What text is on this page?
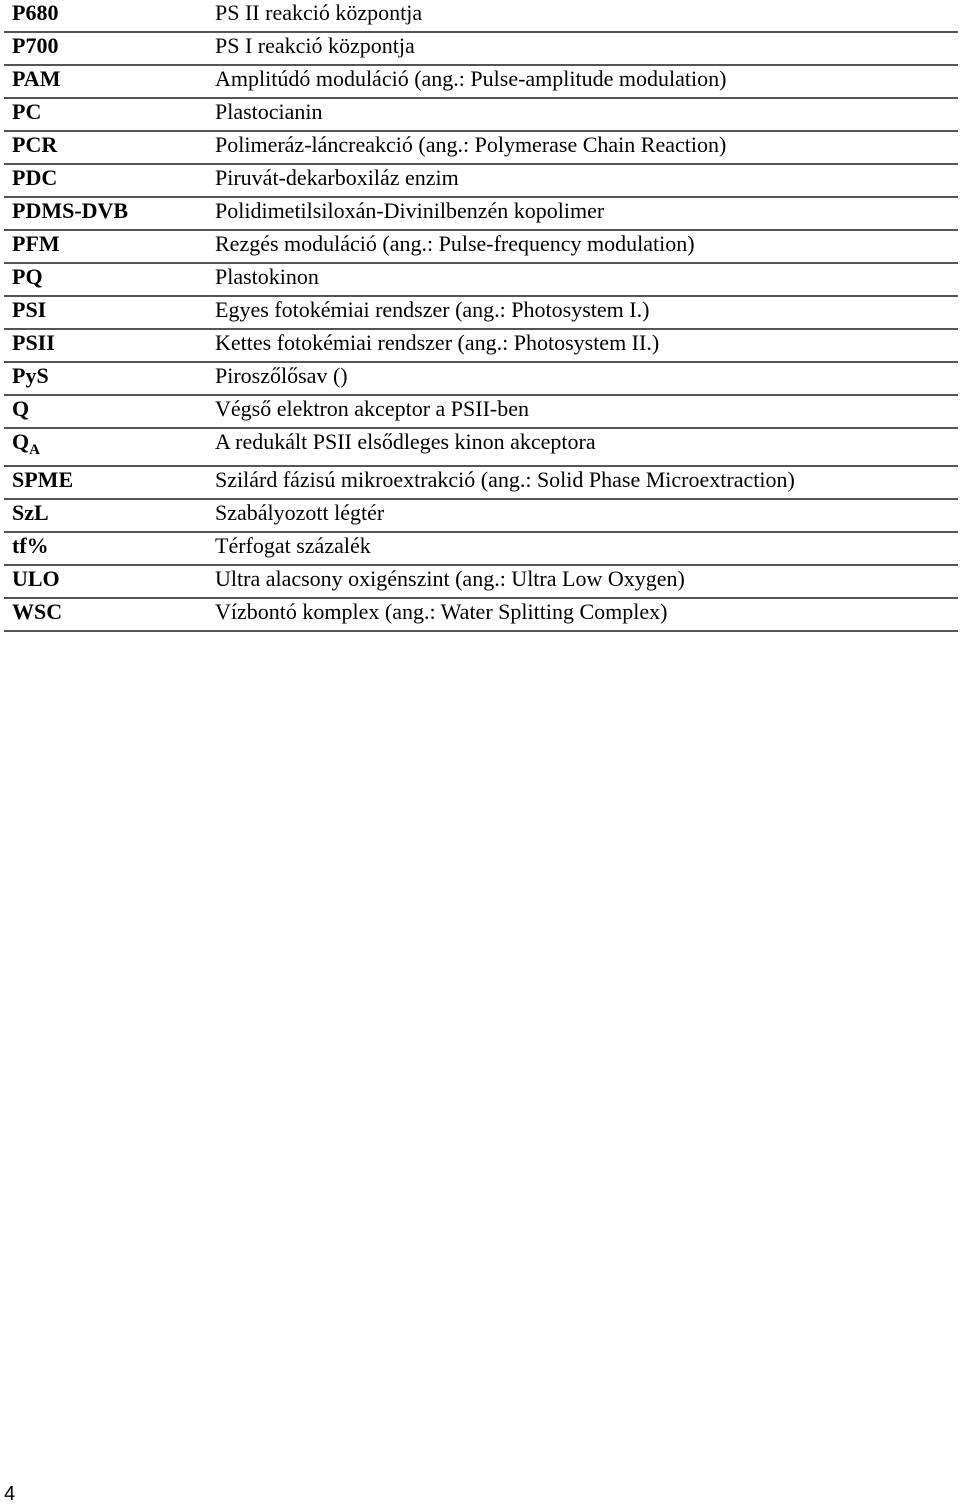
P680	PS II reakció központja
P700	PS I reakció központja
PAM	Amplitúdó moduláció (ang.: Pulse-amplitude modulation)
PC	Plastocianin
PCR	Polimeráz-láncreakció (ang.: Polymerase Chain Reaction)
PDC	Piruvát-dekarboxiláz enzim
PDMS-DVB	Polidimetilsiloxán-Divinilbenzén kopolimer
PFM	Rezgés moduláció (ang.: Pulse-frequency modulation)
PQ	Plastokinon
PSI	Egyes fotokémiai rendszer (ang.: Photosystem I.)
PSII	Kettes fotokémiai rendszer (ang.: Photosystem II.)
PyS	Piroszőlősav ()
Q	Végső elektron akceptor a PSII-ben
$Q_A$	A redukált PSII elsődleges kinon akceptora
SPME	Szilárd fázisú mikroextrakció (ang.: Solid Phase Microextraction)
SzL	Szabályozott légtér
tf%	Térfogat százalék
ULO	Ultra alacsony oxigénszint (ang.: Ultra Low Oxygen)
WSC	Vízbontó komplex (ang.: Water Splitting Complex)
4
